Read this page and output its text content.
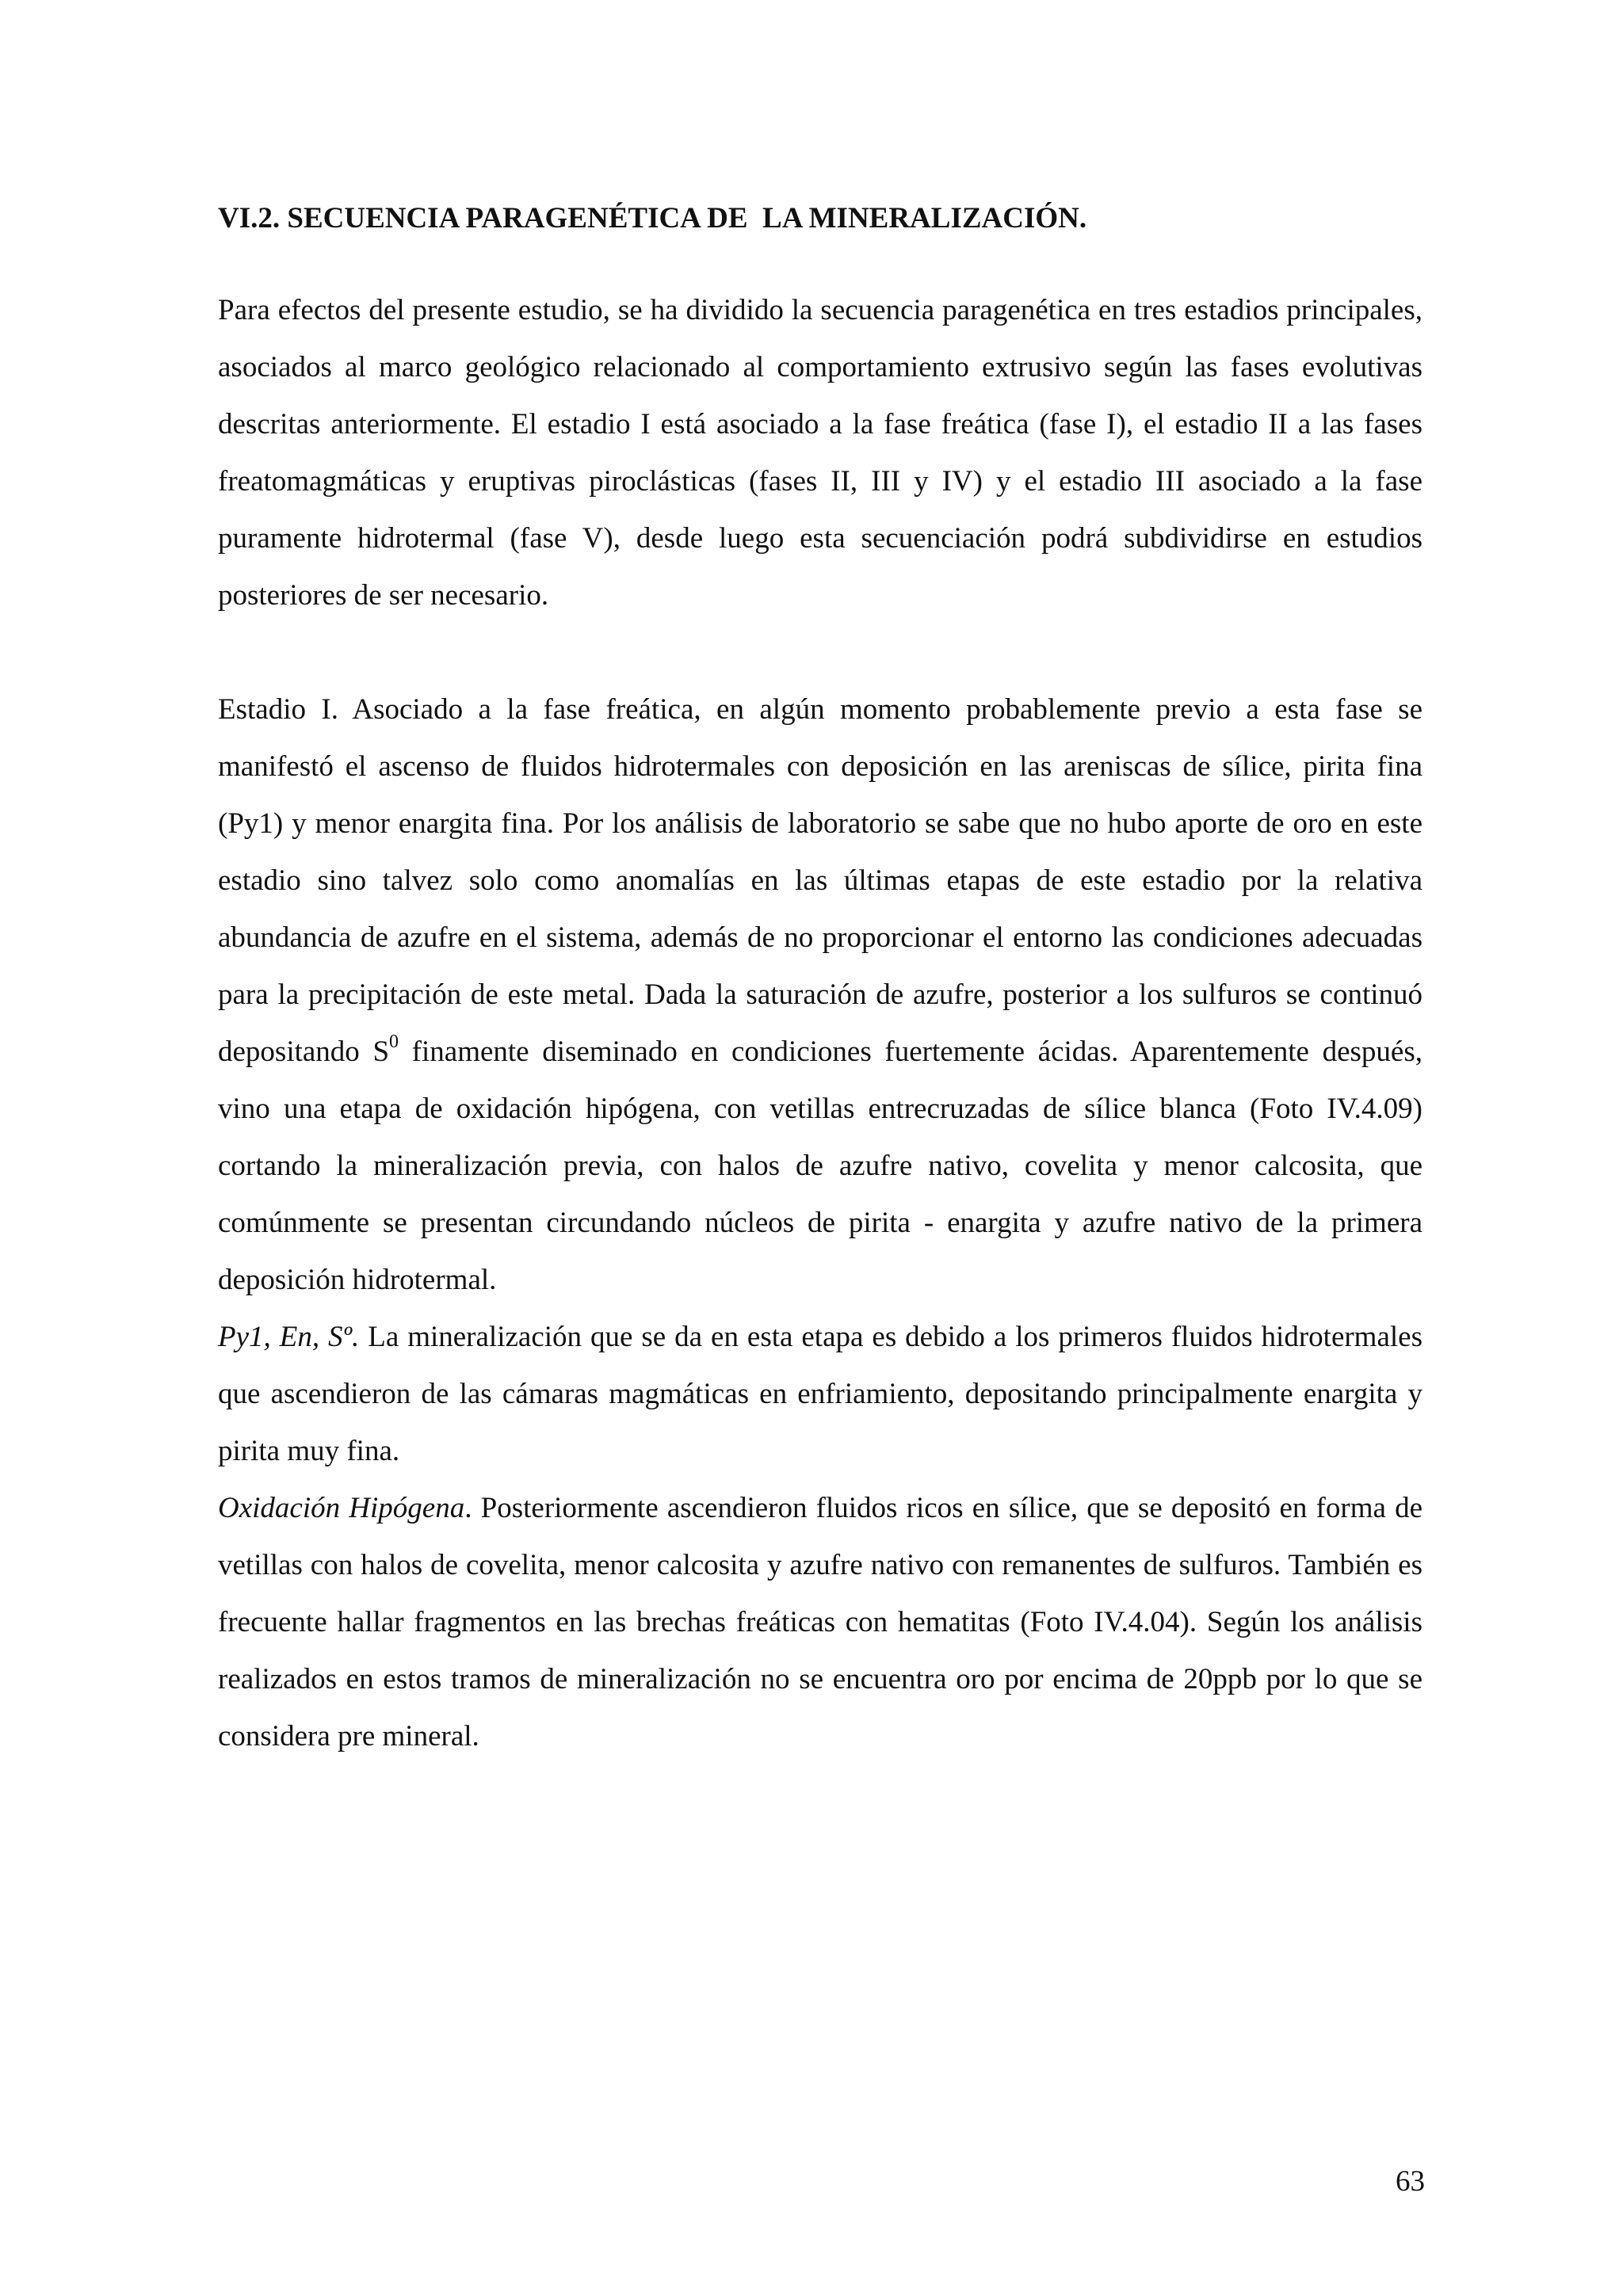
VI.2. SECUENCIA PARAGENÉTICA DE  LA MINERALIZACIÓN.

Para efectos del presente estudio, se ha dividido la secuencia paragenética en tres estadios principales, asociados al marco geológico relacionado al comportamiento extrusivo según las fases evolutivas descritas anteriormente. El estadio I está asociado a la fase freática (fase I), el estadio II a las fases freatomagmáticas y eruptivas piroclásticas (fases II, III y IV) y el estadio III asociado a la fase puramente hidrotermal (fase V), desde luego esta secuenciación podrá subdividirse en estudios posteriores de ser necesario.

Estadio I. Asociado a la fase freática, en algún momento probablemente previo a esta fase se manifestó el ascenso de fluidos hidrotermales con deposición en las areniscas de sílice, pirita fina (Py1) y menor enargita fina. Por los análisis de laboratorio se sabe que no hubo aporte de oro en este estadio sino talvez solo como anomalías en las últimas etapas de este estadio por la relativa abundancia de azufre en el sistema, además de no proporcionar el entorno las condiciones adecuadas para la precipitación de este metal. Dada la saturación de azufre, posterior a los sulfuros se continuó depositando $S^0$ finamente diseminado en condiciones fuertemente ácidas. Aparentemente después, vino una etapa de oxidación hipógena, con vetillas entrecruzadas de sílice blanca (Foto IV.4.09) cortando la mineralización previa, con halos de azufre nativo, covelita y menor calcosita, que comúnmente se presentan circundando núcleos de pirita - enargita y azufre nativo de la primera deposición hidrotermal.

Py1, En, Sº. La mineralización que se da en esta etapa es debido a los primeros fluidos hidrotermales que ascendieron de las cámaras magmáticas en enfriamiento, depositando principalmente enargita y pirita muy fina.

Oxidación Hipógena. Posteriormente ascendieron fluidos ricos en sílice, que se depositó en forma de vetillas con halos de covelita, menor calcosita y azufre nativo con remanentes de sulfuros. También es frecuente hallar fragmentos en las brechas freáticas con hematitas (Foto IV.4.04). Según los análisis realizados en estos tramos de mineralización no se encuentra oro por encima de 20ppb por lo que se considera pre mineral.

63
